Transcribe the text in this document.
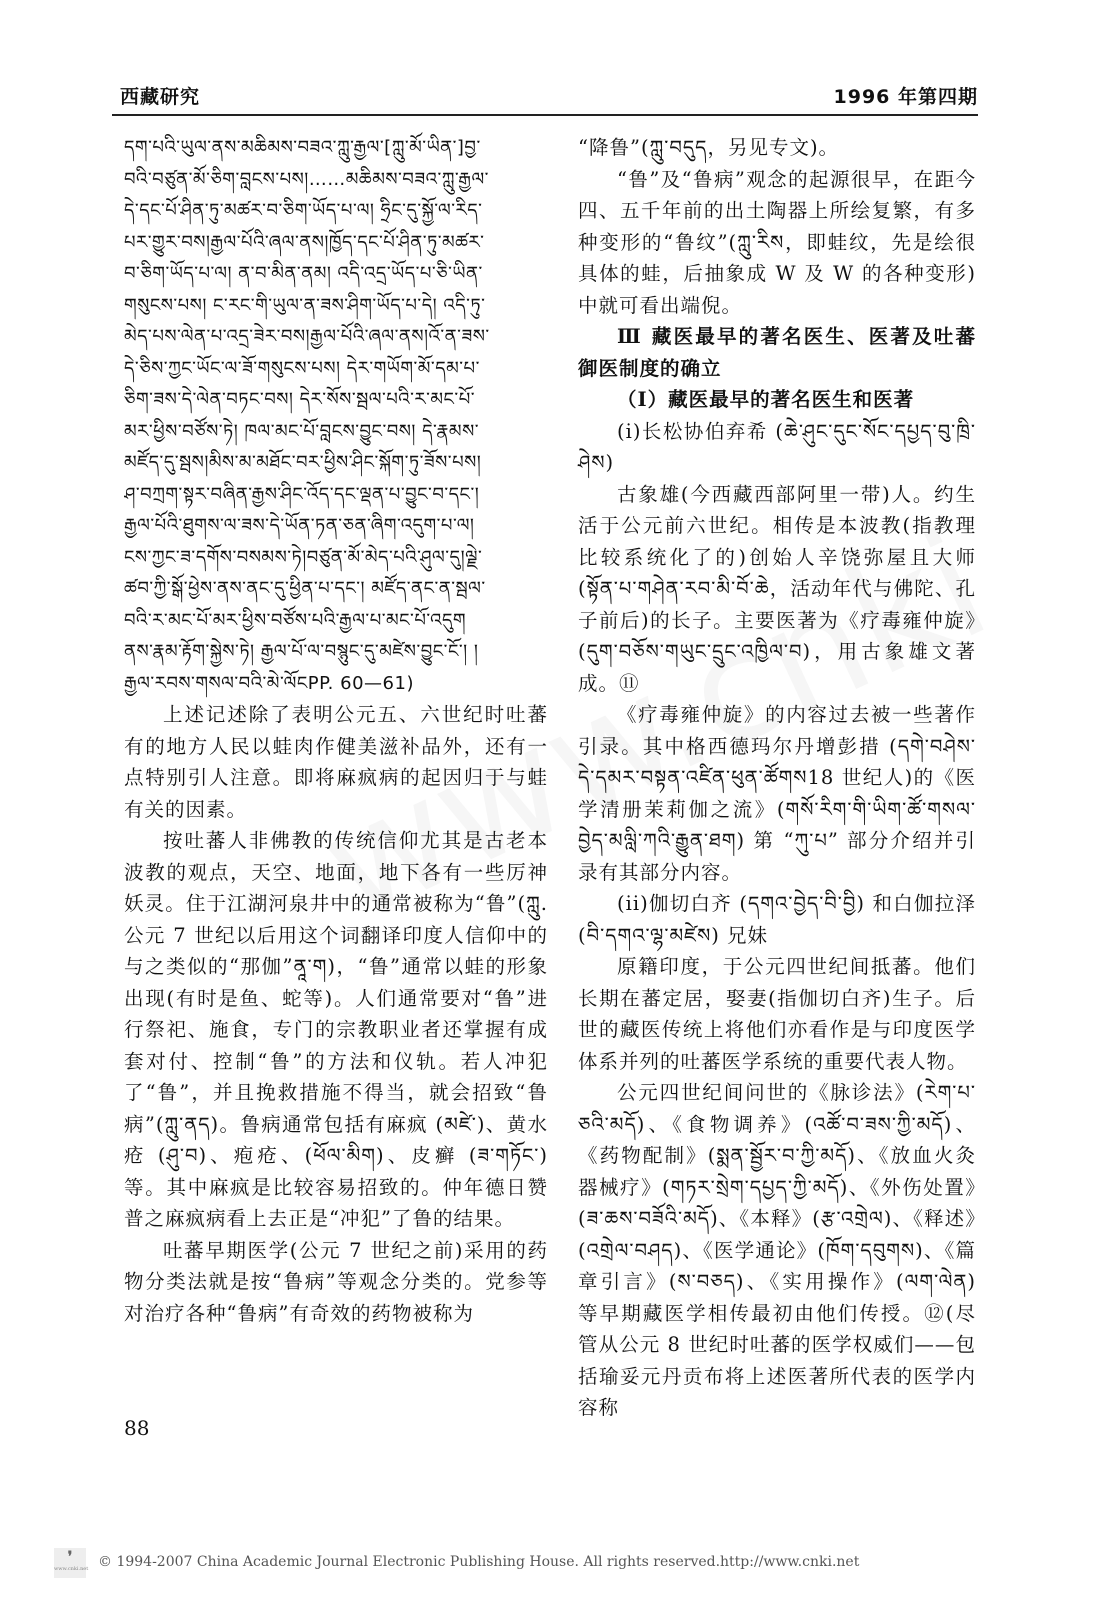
西藏研究	1996 年第四期
དག་པའི་ཡུལ་ནས་མཆིམས་བཟའ་ཀླུ་རྒྱལ་[ཀླུ་མོ་ཡིན་]བྱ་
བའི་བཙུན་མོ་ཅིག་བླངས་པས།……མཆིམས་བཟའ་ཀླུ་རྒྱལ་
དེ་དང་པོ་ཤིན་ཏུ་མཚར་བ་ཅིག་ཡོད་པ་ལ། ཧྲིང་དུ་སྐྱོ་ལ་རིད་
པར་གྱུར་བས།རྒྱལ་པོའི་ཞལ་ནས།ཁྱོད་དང་པོ་ཤིན་ཏུ་མཚར་
བ་ཅིག་ཡོད་པ་ལ། ན་བ་མིན་ནམ། འདི་འདྲ་ཡོད་པ་ཅི་ཡིན་
གསུངས་པས། ང་རང་གི་ཡུལ་ན་ཟས་ཤིག་ཡོད་པ་དེ། འདི་ཏུ་
མེད་པས་ལེན་པ་འདྲ་ཟེར་བས།རྒྱལ་པོའི་ཞལ་ནས།འོ་ན་ཟས་
དེ་ཅིས་ཀྱང་ཡོང་ལ་ཟོ་གསུངས་པས། དེར་གཡོག་མོ་དམ་པ་
ཅིག་ཟས་དེ་ལེན་བཏང་བས། དེར་སོས་སྦལ་པའི་ར་མང་པོ་
མར་ཕྱིས་བཙོས་ཏེ། ཁལ་མང་པོ་བླངས་བྱུང་བས། དེ་རྣམས་
མཛོད་དུ་སྦས།མིས་མ་མཐོང་བར་ཕྱིས་ཤིང་སྐོག་ཏུ་ཟོས་པས།
ཤ་བཀྲག་སྟར་བཞིན་རྒྱས་ཤིང་འོད་དང་ལྡན་པ་བྱུང་བ་དང་།
རྒྱལ་པོའི་ཐུགས་ལ་ཟས་དེ་ཡོན་ཏན་ཅན་ཞིག་འདུག་པ་ལ།
ངས་ཀྱང་ཟ་དགོས་བསམས་ཏེ།བཙུན་མོ་མེད་པའི་ཤུལ་དུ།ལྗེ་
ཚབ་ཀྱི་སྒོ་ཕྱེས་ནས་ནང་དུ་ཕྱིན་པ་དང་། མཛོད་ནང་ན་སྦལ་
བའི་ར་མང་པོ་མར་ཕྱིས་བཙོས་པའི་རྒྱལ་པ་མང་པོ་འདུག
ནས་རྣམ་རྟོག་སྐྱེས་ཏེ། རྒྱལ་པོ་ལ་བསྙུང་དུ་མཛེས་བྱུང་ངོ་། །
རྒྱལ་རབས་གསལ་བའི་མེ་ལོངPP. 60—61)

上述记述除了表明公元五、六世纪时吐蕃有的地方人民以蛙肉作健美滋补品外，还有一点特别引人注意。即将麻疯病的起因归于与蛙有关的因素。

按吐蕃人非佛教的传统信仰尤其是古老本波教的观点，天空、地面，地下各有一些厉神妖灵。住于江湖河泉井中的通常被称为“鲁”(ཀླུ.公元 7 世纪以后用这个词翻译印度人信仰中的与之类似的“那伽”ནཱ་ག)，“鲁”通常以蛙的形象出现(有时是鱼、蛇等)。人们通常要对“鲁”进行祭祀、施食，专门的宗教职业者还掌握有成套对付、控制“鲁”的方法和仪轨。若人冲犯了“鲁”，并且挽救措施不得当，就会招致“鲁病”(ཀླུ་ནད)。鲁病通常包括有麻疯 (མཛེ་)、黄水疮 (ཤུ་བ)、疱疮、(ཕོལ་མིག)、皮癣 (ཟ་གཏོང་) 等。其中麻疯是比较容易招致的。仲年德日赞普之麻疯病看上去正是“冲犯”了鲁的结果。

吐蕃早期医学(公元 7 世纪之前)采用的药物分类法就是按“鲁病”等观念分类的。党参等对治疗各种“鲁病”有奇效的药物被称为

“降鲁”(ཀླུ་བདུད，另见专文)。

“鲁”及“鲁病”观念的起源很早，在距今四、五千年前的出土陶器上所绘复繁，有多种变形的“鲁纹”(ཀླུ་རིས，即蛙纹，先是绘很具体的蛙，后抽象成 W 及 W 的各种变形)中就可看出端倪。

Ⅲ 藏医最早的著名医生、医著及吐蕃御医制度的确立

（Ⅰ）藏医最早的著名医生和医著

(i)长松协伯弃希 (ཆེ་ཤུང་དུང་སོང་དཔྱད་བུ་ཁྲི་ཤེས)

古象雄(今西藏西部阿里一带)人。约生活于公元前六世纪。相传是本波教(指教理比较系统化了的)创始人辛饶弥屋且大师 (སྟོན་པ་གཤེན་རབ་མི་བོ་ཆེ，活动年代与佛陀、孔子前后)的长子。主要医著为《疗毒雍仲旋》(དུག་བཅོས་གཡུང་དྲུང་འཁྱིལ་བ)，用古象雄文著成。⑪

《疗毒雍仲旋》的内容过去被一些著作引录。其中格西德玛尔丹增彭措 (དགེ་བཤེས་དེ་དམར་བསྟན་འཛིན་ཕུན་ཚོགས18 世纪人)的《医学清册茉莉伽之流》(གསོ་རིག་གི་ཡིག་ཚོ་གསལ་བྱེད་མལླི་ཀའི་རྒྱུན་ཐག) 第 “ཀུ་པ” 部分介绍并引录有其部分内容。

(ii)伽切白齐 (དགའ་བྱེད་བི་བྱི) 和白伽拉泽 (བི་དགའ་ལྷ་མཛེས) 兄妹

原籍印度，于公元四世纪间抵蕃。他们长期在蕃定居，娶妻(指伽切白齐)生子。后世的藏医传统上将他们亦看作是与印度医学体系并列的吐蕃医学系统的重要代表人物。

公元四世纪间问世的《脉诊法》(རེག་པ་ཅའི་མདོ)、《食物调养》(འཚོ་བ་ཟས་ཀྱི་མདོ)、《药物配制》(སྨན་སྦྱོར་བ་ཀྱི་མདོ)、《放血火灸器械疗》(གཏར་སྲེག་དཔྱད་ཀྱི་མདོ)、《外伤处置》(ཟ་ཆས་བཟོའི་མདོ)、《本释》(རྩ་འགྲེལ)、《释述》(འགྲེལ་བཤད)、《医学通论》(ཁོག་དབུགས)、《篇章引言》(ས་བཅད)、《实用操作》(ལག་ལེན) 等早期藏医学相传最初由他们传授。⑫(尽管从公元 8 世纪时吐蕃的医学权威们——包括瑜妥元丹贡布将上述医著所代表的医学内容称

88
❜
www.cnki.net © 1994-2007 China Academic Journal Electronic Publishing House. All rights reserved. http://www.cnki.net
